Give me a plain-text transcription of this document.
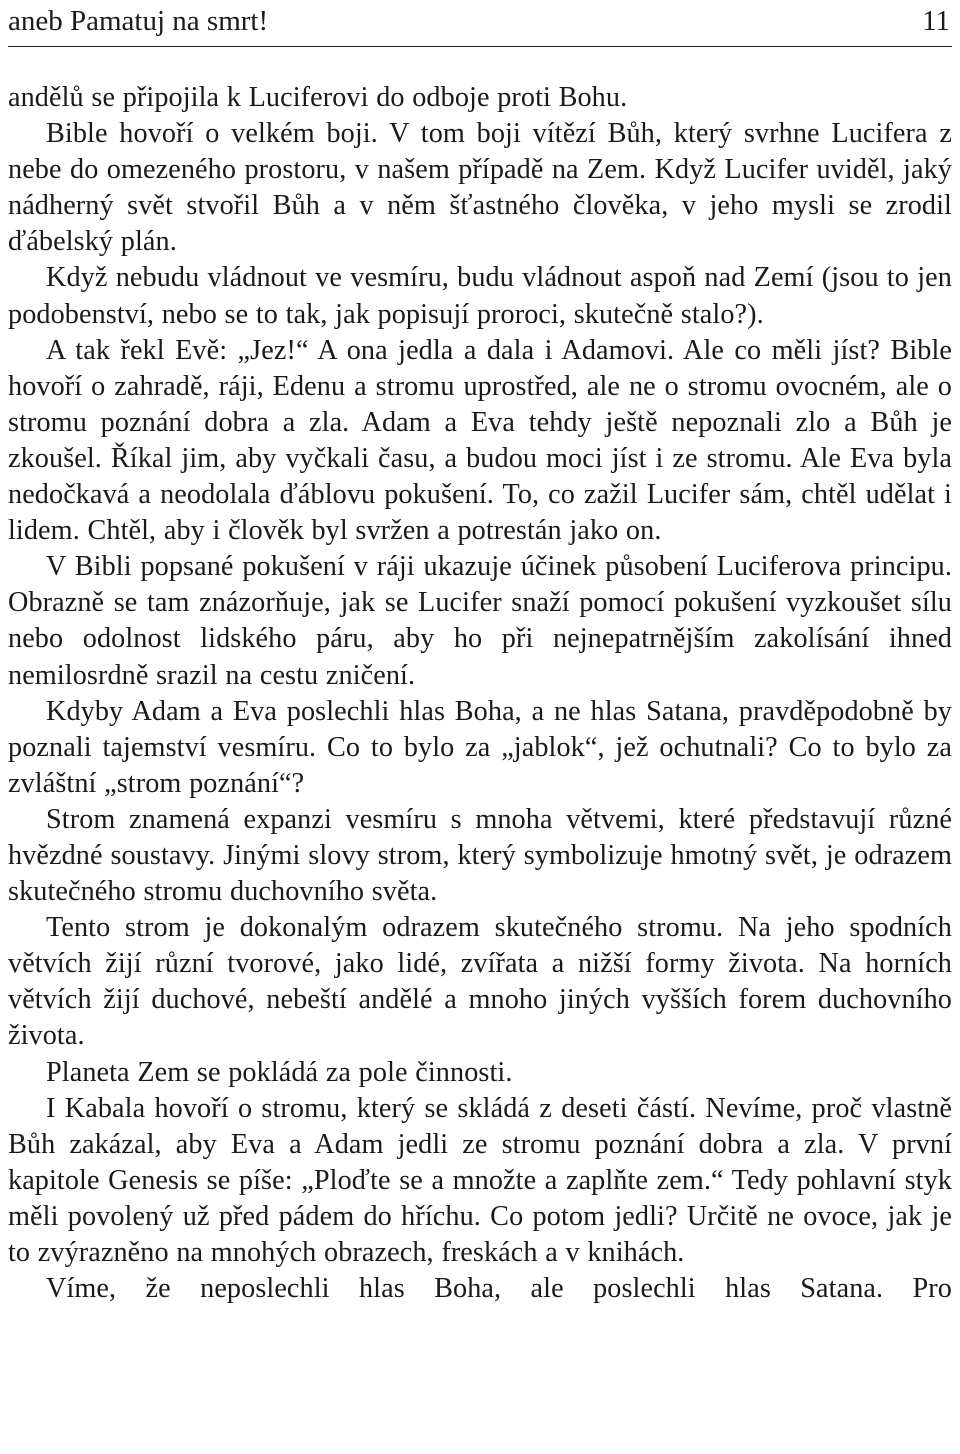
aneb Pamatuj na smrt!	11

andělů se připojila k Luciferovi do odboje proti Bohu.

Bible hovoří o velkém boji. V tom boji vítězí Bůh, který svrhne Lucifera z nebe do omezeného prostoru, v našem případě na Zem. Když Lucifer uviděl, jaký nádherný svět stvořil Bůh a v něm šťastného člověka, v jeho mysli se zrodil ďábelský plán.

Když nebudu vládnout ve vesmíru, budu vládnout aspoň nad Zemí (jsou to jen podobenství, nebo se to tak, jak popisují proroci, skutečně stalo?).

A tak řekl Evě: „Jez!“ A ona jedla a dala i Adamovi. Ale co měli jíst? Bible hovoří o zahradě, ráji, Edenu a stromu uprostřed, ale ne o stromu ovocném, ale o stromu poznání dobra a zla. Adam a Eva tehdy ještě nepoznali zlo a Bůh je zkoušel. Říkal jim, aby vyčkali času, a budou moci jíst i ze stromu. Ale Eva byla nedočkavá a neodolala ďáblovu pokušení. To, co zažil Lucifer sám, chtěl udělat i lidem. Chtěl, aby i člověk byl svržen a potrestán jako on.

V Bibli popsané pokušení v ráji ukazuje účinek působení Luciferova principu. Obrazně se tam znázorňuje, jak se Lucifer snaží pomocí pokušení vyzkoušet sílu nebo odolnost lidského páru, aby ho při nejnepatrnějším zakolísání ihned nemilosrdně srazil na cestu zničení.

Kdyby Adam a Eva poslechli hlas Boha, a ne hlas Satana, pravděpodobně by poznali tajemství vesmíru. Co to bylo za „jablok“, jež ochutnali? Co to bylo za zvláštní „strom poznání“?

Strom znamená expanzi vesmíru s mnoha větvemi, které představují různé hvězdné soustavy. Jinými slovy strom, který symbolizuje hmotný svět, je odrazem skutečného stromu duchovního světa.

Tento strom je dokonalým odrazem skutečného stromu. Na jeho spodních větvích žijí různí tvorové, jako lidé, zvířata a nižší formy života. Na horních větvích žijí duchové, nebeští andělé a mnoho jiných vyšších forem duchovního života.

Planeta Zem se pokládá za pole činnosti.

I Kabala hovoří o stromu, který se skládá z deseti částí. Nevíme, proč vlastně Bůh zakázal, aby Eva a Adam jedli ze stromu poznání dobra a zla. V první kapitole Genesis se píše: „Ploďte se a množte a zaplňte zem.“ Tedy pohlavní styk měli povolený už před pádem do hříchu. Co potom jedli? Určitě ne ovoce, jak je to zvýrazněno na mnohých obrazech, freskách a v knihách.

Víme, že neposlechli hlas Boha, ale poslechli hlas Satana. Pro
